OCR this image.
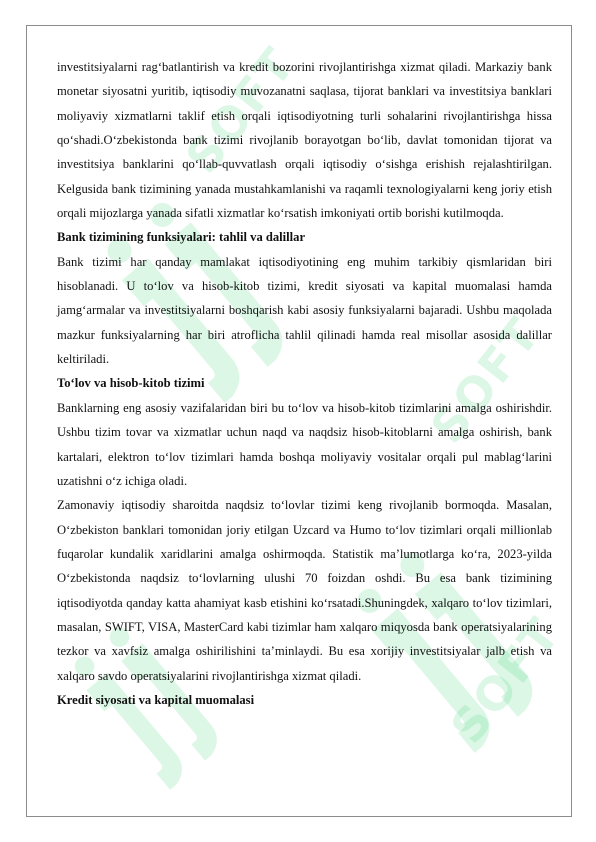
SOFT
SOFT
SOFT

investitsiyalarni rag‘batlantirish va kredit bozorini rivojlantirishga xizmat qiladi. Markaziy bank monetar siyosatni yuritib, iqtisodiy muvozanatni saqlasa, tijorat banklari va investitsiya banklari moliyaviy xizmatlarni taklif etish orqali iqtisodiyotning turli sohalarini rivojlantirishga hissa qo‘shadi.O‘zbekistonda bank tizimi rivojlanib borayotgan bo‘lib, davlat tomonidan tijorat va investitsiya banklarini qo‘llab-quvvatlash orqali iqtisodiy o‘sishga erishish rejalashtirilgan. Kelgusida bank tizimining yanada mustahkamlanishi va raqamli texnologiyalarni keng joriy etish orqali mijozlarga yanada sifatli xizmatlar ko‘rsatish imkoniyati ortib borishi kutilmoqda.

Bank tizimining funksiyalari: tahlil va dalillar

Bank tizimi har qanday mamlakat iqtisodiyotining eng muhim tarkibiy qismlaridan biri hisoblanadi. U to‘lov va hisob-kitob tizimi, kredit siyosati va kapital muomalasi hamda jamg‘armalar va investitsiyalarni boshqarish kabi asosiy funksiyalarni bajaradi. Ushbu maqolada mazkur funksiyalarning har biri atroflicha tahlil qilinadi hamda real misollar asosida dalillar keltiriladi.

To‘lov va hisob-kitob tizimi

Banklarning eng asosiy vazifalaridan biri bu to‘lov va hisob-kitob tizimlarini amalga oshirishdir. Ushbu tizim tovar va xizmatlar uchun naqd va naqdsiz hisob-kitoblarni amalga oshirish, bank kartalari, elektron to‘lov tizimlari hamda boshqa moliyaviy vositalar orqali pul mablag‘larini uzatishni o‘z ichiga oladi.

Zamonaviy iqtisodiy sharoitda naqdsiz to‘lovlar tizimi keng rivojlanib bormoqda. Masalan, O‘zbekiston banklari tomonidan joriy etilgan Uzcard va Humo to‘lov tizimlari orqali millionlab fuqarolar kundalik xaridlarini amalga oshirmoqda. Statistik ma’lumotlarga ko‘ra, 2023-yilda O‘zbekistonda naqdsiz to‘lovlarning ulushi 70 foizdan oshdi. Bu esa bank tizimining iqtisodiyotda qanday katta ahamiyat kasb etishini ko‘rsatadi.Shuningdek, xalqaro to‘lov tizimlari, masalan, SWIFT, VISA, MasterCard kabi tizimlar ham xalqaro miqyosda bank operatsiyalarining tezkor va xavfsiz amalga oshirilishini ta’minlaydi. Bu esa xorijiy investitsiyalar jalb etish va xalqaro savdo operatsiyalarini rivojlantirishga xizmat qiladi.

Kredit siyosati va kapital muomalasi
